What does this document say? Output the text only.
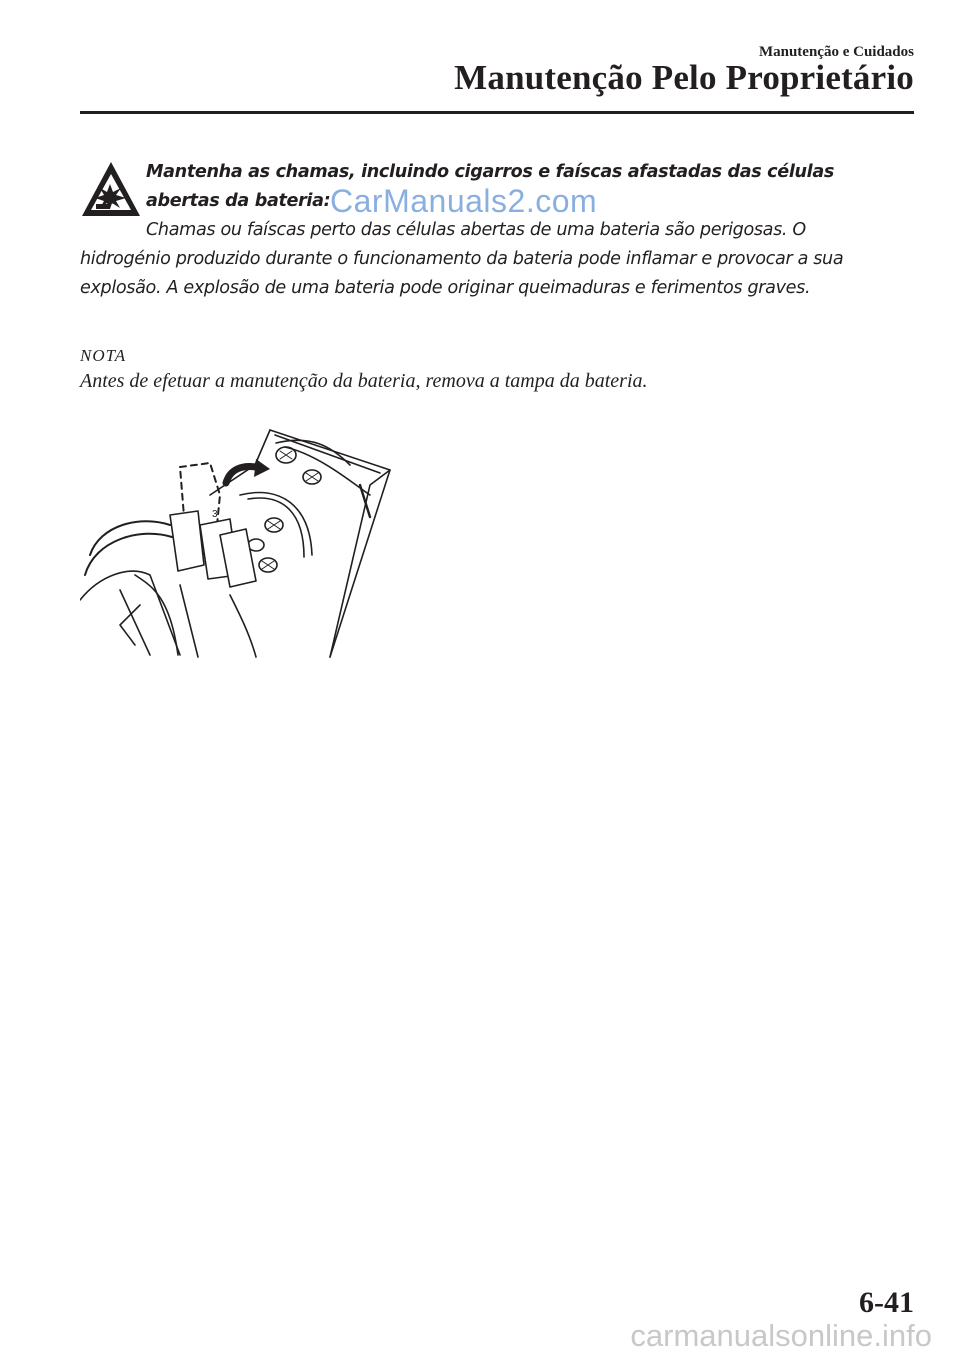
Manutenção e Cuidados
Manutenção Pelo Proprietário
Mantenha as chamas, incluindo cigarros e faíscas afastadas das células abertas da bateria:
Chamas ou faíscas perto das células abertas de uma bateria são perigosas. O hidrogénio produzido durante o funcionamento da bateria pode inflamar e provocar a sua explosão. A explosão de uma bateria pode originar queimaduras e ferimentos graves.
CarManuals2.com
NOTA
Antes de efetuar a manutenção da bateria, remova a tampa da bateria.
3
6-41
carmanualsonline.info
